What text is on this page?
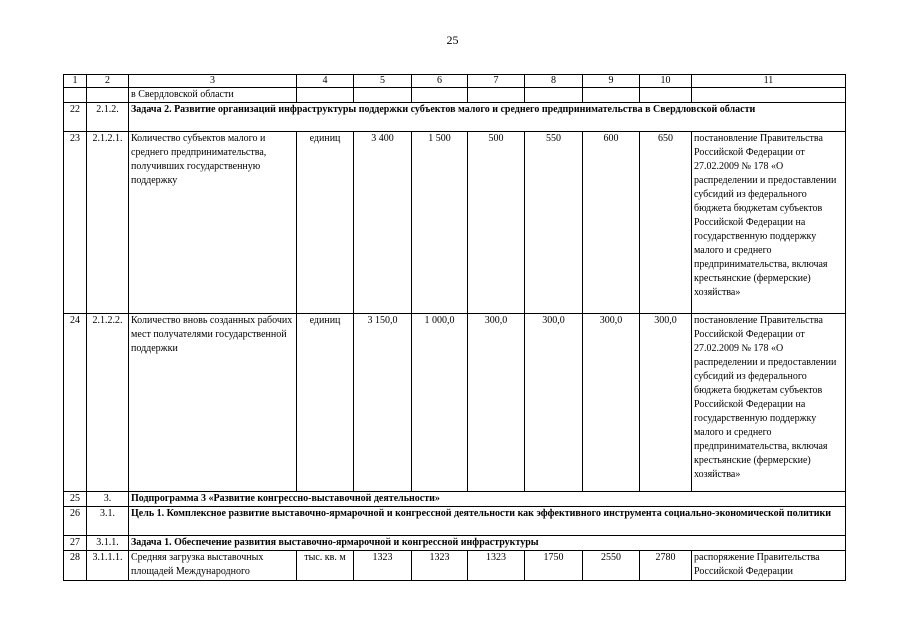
25
1	2	3	4	5	6	7	8	9	10	11
		в Свердловской области								
22	2.1.2.	Задача 2. Развитие организаций инфраструктуры поддержки субъектов малого и среднего предпринимательства в Свердловской области								
23	2.1.2.1.	Количество субъектов малого и среднего предпринимательства, получивших государственную поддержку	единиц	3 400	1 500	500	550	600	650	постановление Правительства Российской Федерации от 27.02.2009 № 178 «О распределении и предоставлении субсидий из федерального бюджета бюджетам субъектов Российской Федерации на государственную поддержку малого и среднего предпринимательства, включая крестьянские (фермерские) хозяйства»
24	2.1.2.2.	Количество вновь созданных рабочих мест получателями государственной поддержки	единиц	3 150,0	1 000,0	300,0	300,0	300,0	300,0	постановление Правительства Российской Федерации от 27.02.2009 № 178 «О распределении и предоставлении субсидий из федерального бюджета бюджетам субъектов Российской Федерации на государственную поддержку малого и среднего предпринимательства, включая крестьянские (фермерские) хозяйства»
25	3.	Подпрограмма 3 «Развитие конгрессно-выставочной деятельности»								
26	3.1.	Цель 1. Комплексное развитие выставочно-ярмарочной и конгрессной деятельности как эффективного инструмента социально-экономической политики								
27	3.1.1.	Задача 1. Обеспечение развития выставочно-ярмарочной и конгрессной инфраструктуры								
28	3.1.1.1.	Средняя загрузка выставочных площадей Международного	тыс. кв. м	1323	1323	1323	1750	2550	2780	распоряжение Правительства Российской Федерации
